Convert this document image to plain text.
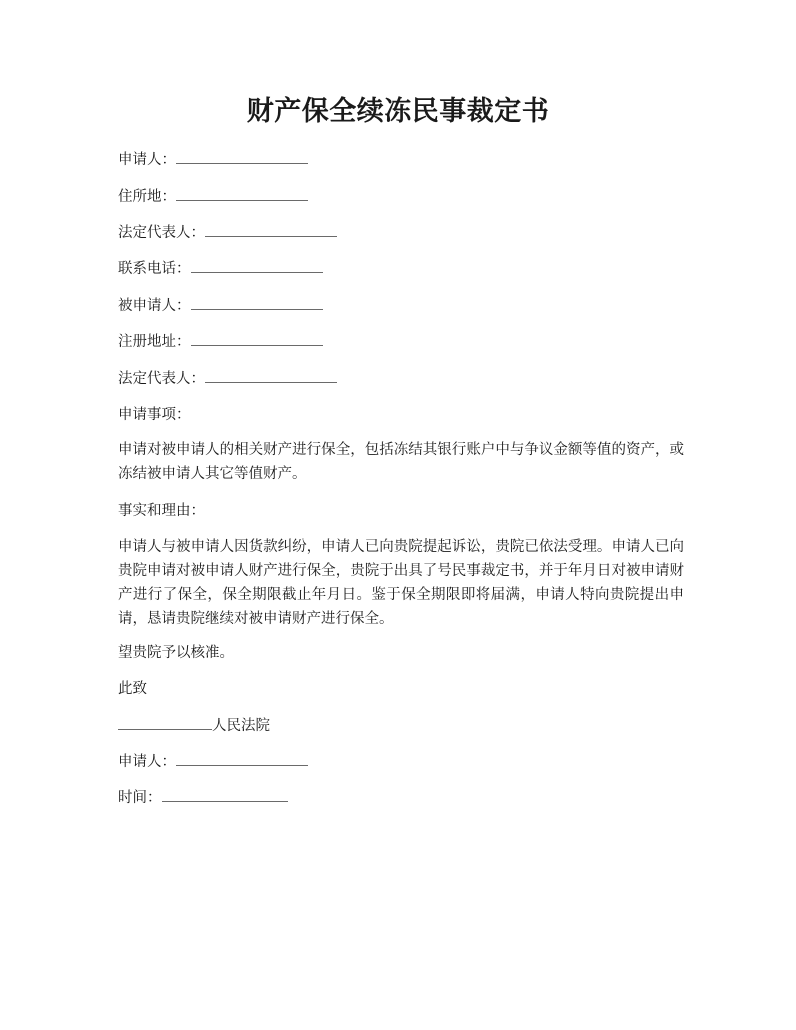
财产保全续冻民事裁定书
申请人：
住所地：
法定代表人：
联系电话：
被申请人：
注册地址：
法定代表人：
申请事项：

申请对被申请人的相关财产进行保全，包括冻结其银行账户中与争议金额等值的资产，或冻结被申请人其它等值财产。

事实和理由：

申请人与被申请人因货款纠纷，申请人已向贵院提起诉讼，贵院已依法受理。申请人已向贵院申请对被申请人财产进行保全，贵院于出具了号民事裁定书，并于年月日对被申请财产进行了保全，保全期限截止年月日。鉴于保全期限即将届满，申请人特向贵院提出申请，恳请贵院继续对被申请财产进行保全。

望贵院予以核准。
此致
人民法院
申请人：
时间：
